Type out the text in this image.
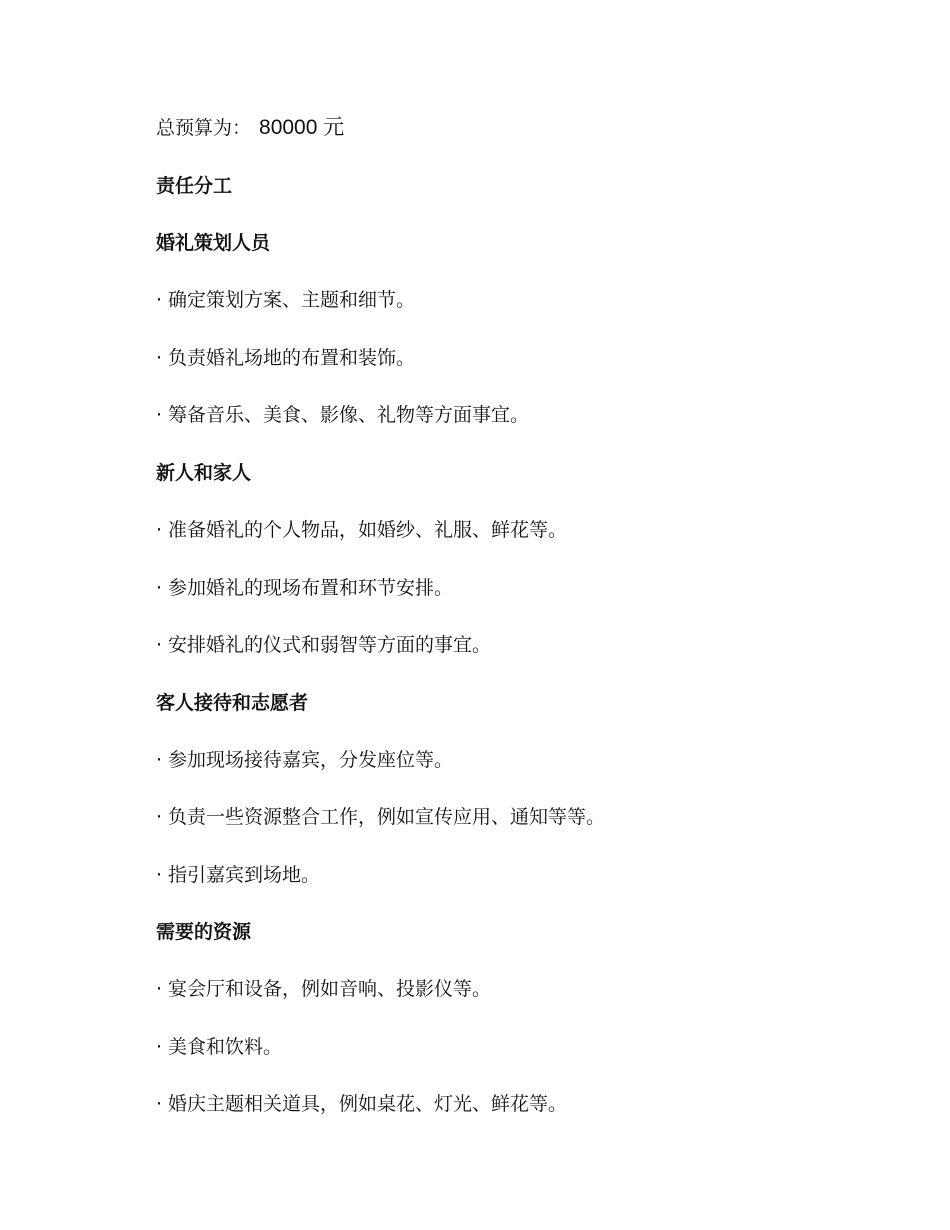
总预算为： 80000 元
责任分工
婚礼策划人员
· 确定策划方案、主题和细节。
· 负责婚礼场地的布置和装饰。
· 筹备音乐、美食、影像、礼物等方面事宜。
新人和家人
· 准备婚礼的个人物品，如婚纱、礼服、鲜花等。
· 参加婚礼的现场布置和环节安排。
· 安排婚礼的仪式和弱智等方面的事宜。
客人接待和志愿者
· 参加现场接待嘉宾，分发座位等。
· 负责一些资源整合工作，例如宣传应用、通知等等。
· 指引嘉宾到场地。
需要的资源
· 宴会厅和设备，例如音响、投影仪等。
· 美食和饮料。
· 婚庆主题相关道具，例如桌花、灯光、鲜花等。
